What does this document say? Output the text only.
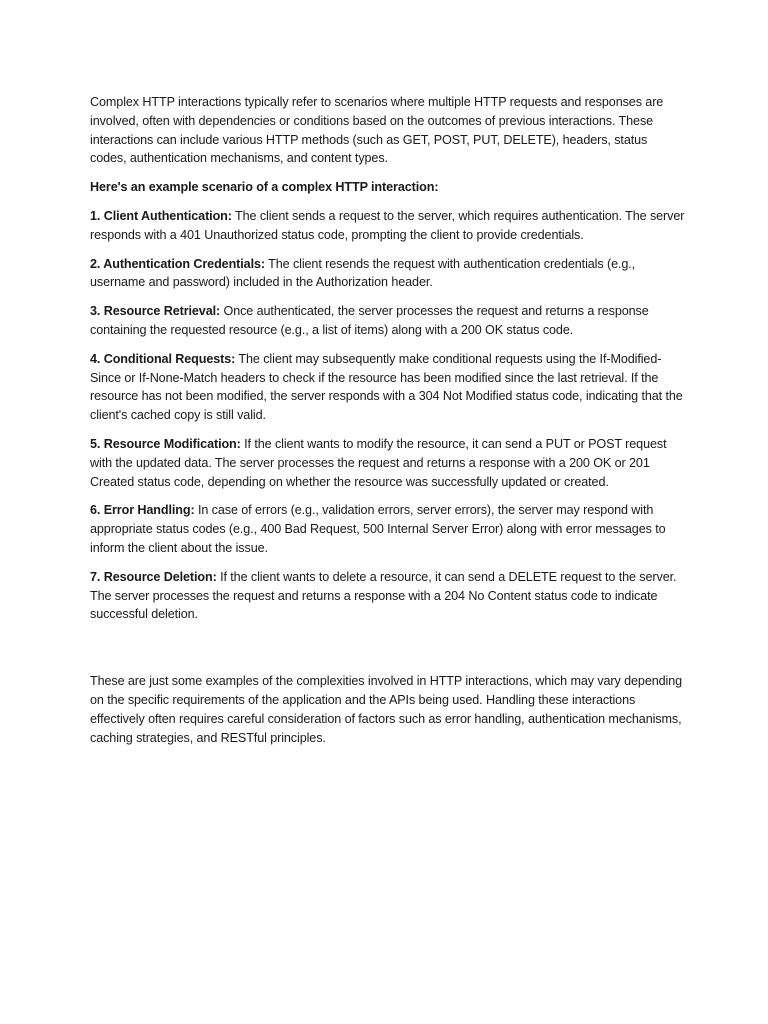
Complex HTTP interactions typically refer to scenarios where multiple HTTP requests and responses are involved, often with dependencies or conditions based on the outcomes of previous interactions. These interactions can include various HTTP methods (such as GET, POST, PUT, DELETE), headers, status codes, authentication mechanisms, and content types.

Here's an example scenario of a complex HTTP interaction:

1. Client Authentication: The client sends a request to the server, which requires authentication. The server responds with a 401 Unauthorized status code, prompting the client to provide credentials.

2. Authentication Credentials: The client resends the request with authentication credentials (e.g., username and password) included in the Authorization header.

3. Resource Retrieval: Once authenticated, the server processes the request and returns a response containing the requested resource (e.g., a list of items) along with a 200 OK status code.

4. Conditional Requests: The client may subsequently make conditional requests using the If-Modified-Since or If-None-Match headers to check if the resource has been modified since the last retrieval. If the resource has not been modified, the server responds with a 304 Not Modified status code, indicating that the client's cached copy is still valid.

5. Resource Modification: If the client wants to modify the resource, it can send a PUT or POST request with the updated data. The server processes the request and returns a response with a 200 OK or 201 Created status code, depending on whether the resource was successfully updated or created.

6. Error Handling: In case of errors (e.g., validation errors, server errors), the server may respond with appropriate status codes (e.g., 400 Bad Request, 500 Internal Server Error) along with error messages to inform the client about the issue.

7. Resource Deletion: If the client wants to delete a resource, it can send a DELETE request to the server. The server processes the request and returns a response with a 204 No Content status code to indicate successful deletion.

These are just some examples of the complexities involved in HTTP interactions, which may vary depending on the specific requirements of the application and the APIs being used. Handling these interactions effectively often requires careful consideration of factors such as error handling, authentication mechanisms, caching strategies, and RESTful principles.
